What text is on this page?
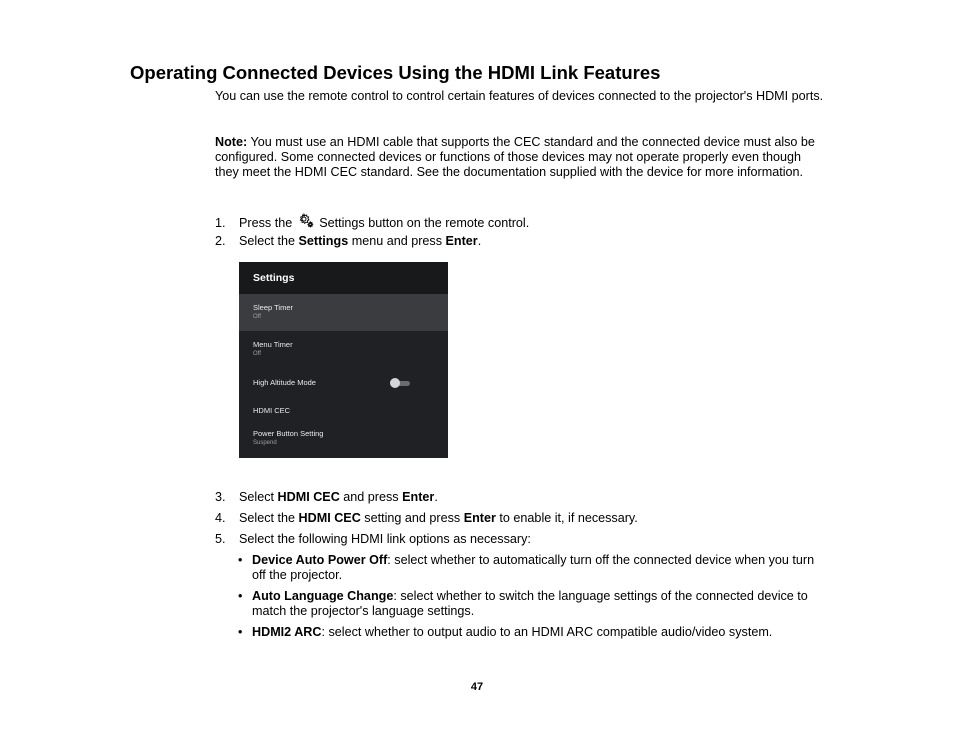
Operating Connected Devices Using the HDMI Link Features

You can use the remote control to control certain features of devices connected to the projector's HDMI ports.

Note: You must use an HDMI cable that supports the CEC standard and the connected device must also be configured. Some connected devices or functions of those devices may not operate properly even though they meet the HDMI CEC standard. See the documentation supplied with the device for more information.

1. Press the  Settings button on the remote control.
2. Select the Settings menu and press Enter.
Settings
Sleep Timer
Off
Menu Timer
Off
High Altitude Mode
HDMI CEC
Power Button Setting
Suspend
3. Select HDMI CEC and press Enter.
4. Select the HDMI CEC setting and press Enter to enable it, if necessary.
5. Select the following HDMI link options as necessary:
• Device Auto Power Off: select whether to automatically turn off the connected device when you turn off the projector.
• Auto Language Change: select whether to switch the language settings of the connected device to match the projector's language settings.
• HDMI2 ARC: select whether to output audio to an HDMI ARC compatible audio/video system.
47
